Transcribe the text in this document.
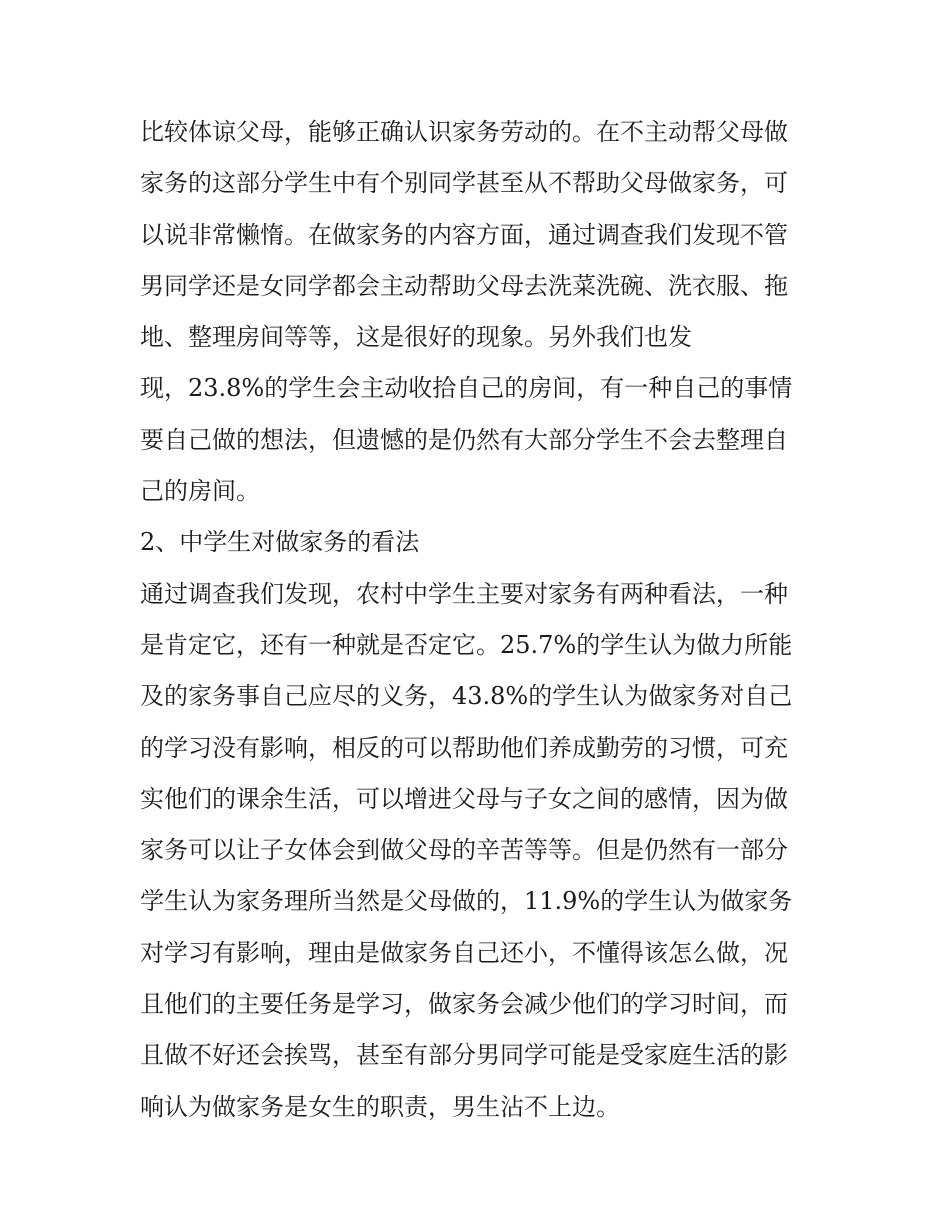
比较体谅父母，能够正确认识家务劳动的。在不主动帮父母做
家务的这部分学生中有个别同学甚至从不帮助父母做家务，可
以说非常懒惰。在做家务的内容方面，通过调查我们发现不管
男同学还是女同学都会主动帮助父母去洗菜洗碗、洗衣服、拖
地、整理房间等等，这是很好的现象。另外我们也发
现，23.8%的学生会主动收拾自己的房间，有一种自己的事情
要自己做的想法，但遗憾的是仍然有大部分学生不会去整理自
己的房间。
2、中学生对做家务的看法
通过调查我们发现，农村中学生主要对家务有两种看法，一种
是肯定它，还有一种就是否定它。25.7%的学生认为做力所能
及的家务事自己应尽的义务，43.8%的学生认为做家务对自己
的学习没有影响，相反的可以帮助他们养成勤劳的习惯，可充
实他们的课余生活，可以增进父母与子女之间的感情，因为做
家务可以让子女体会到做父母的辛苦等等。但是仍然有一部分
学生认为家务理所当然是父母做的，11.9%的学生认为做家务
对学习有影响，理由是做家务自己还小，不懂得该怎么做，况
且他们的主要任务是学习，做家务会减少他们的学习时间，而
且做不好还会挨骂，甚至有部分男同学可能是受家庭生活的影
响认为做家务是女生的职责，男生沾不上边。
